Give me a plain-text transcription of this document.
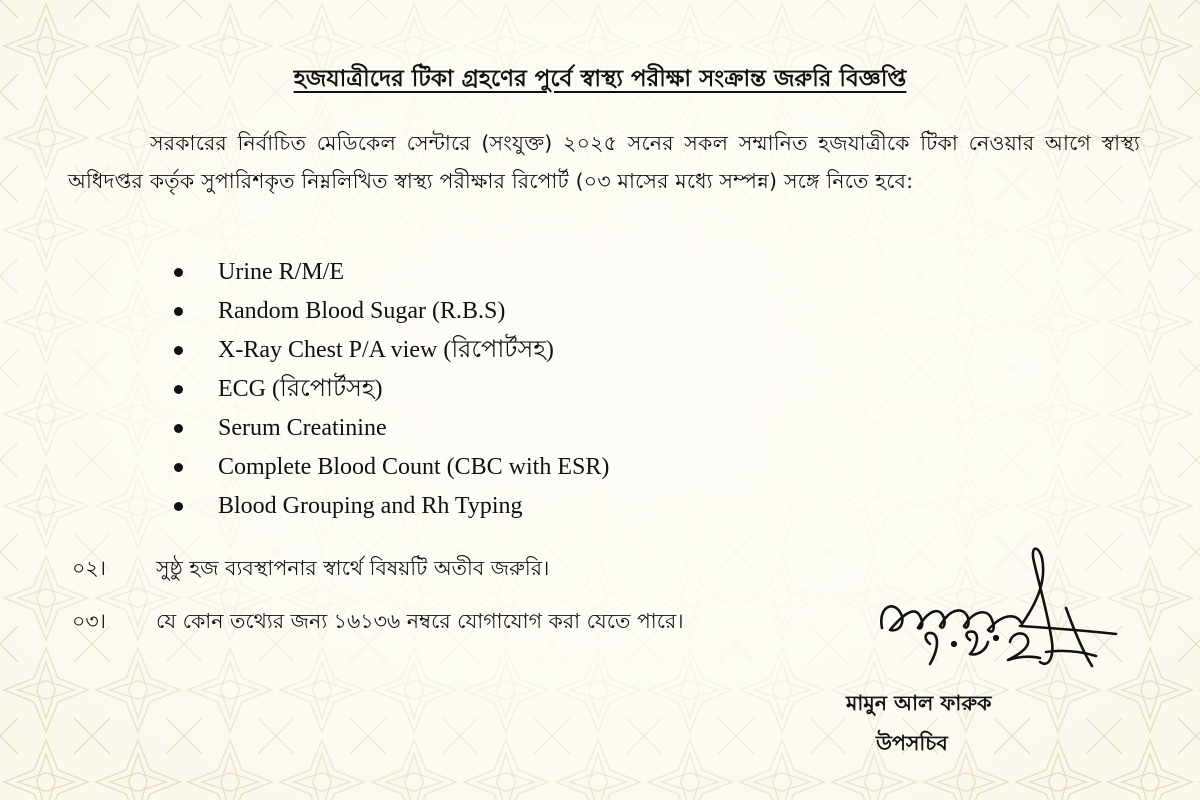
হজযাত্রীদের টিকা গ্রহণের পুর্বে স্বাস্থ্য পরীক্ষা সংক্রান্ত জরুরি বিজ্ঞপ্তি
সরকারের নির্বাচিত মেডিকেল সেন্টারে (সংযুক্ত) ২০২৫ সনের সকল সম্মানিত হজযাত্রীকে টিকা নেওয়ার আগে স্বাস্থ্য অধিদপ্তর কর্তৃক সুপারিশকৃত নিম্নলিখিত স্বাস্থ্য পরীক্ষার রিপোর্ট (০৩ মাসের মধ্যে সম্পন্ন) সঙ্গে নিতে হবে:
Urine R/M/E
Random Blood Sugar (R.B.S)
X-Ray Chest P/A view (রিপোর্টসহ)
ECG (রিপোর্টসহ)
Serum Creatinine
Complete Blood Count (CBC with ESR)
Blood Grouping and Rh Typing
০২। সুষ্ঠু হজ ব্যবস্থাপনার স্বার্থে বিষয়টি অতীব জরুরি।
০৩। যে কোন তথ্যের জন্য ১৬১৩৬ নম্বরে যোগাযোগ করা যেতে পারে।
মামুন আল ফারুক
উপসচিব
